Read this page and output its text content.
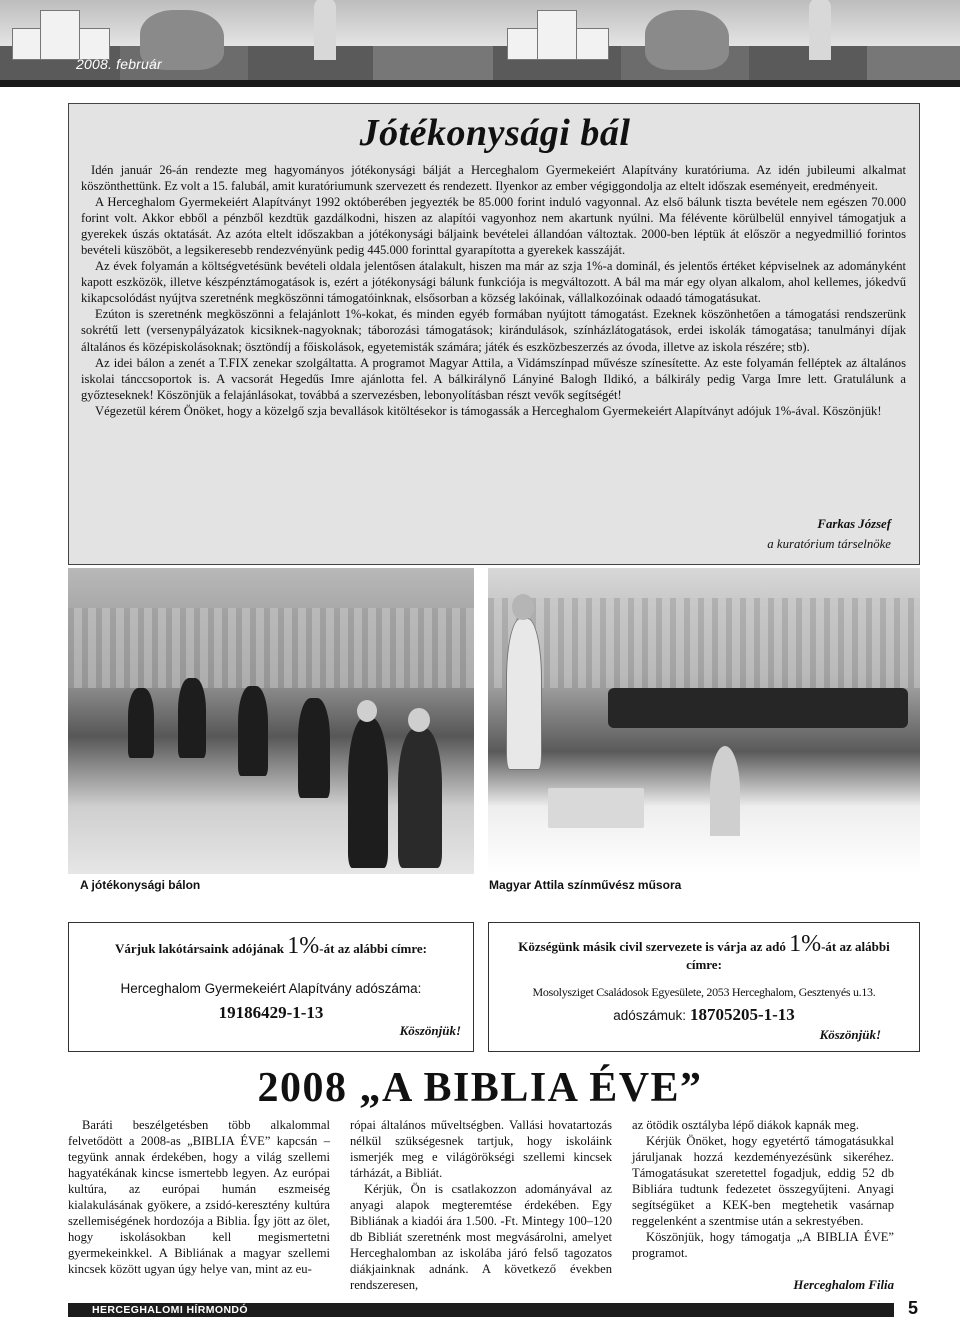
2008. február
Jótékonysági bál

Idén január 26-án rendezte meg hagyományos jótékonysági bálját a Herceghalom Gyermekeiért Alapítvány kuratóriuma. Az idén jubileumi alkalmat köszönthettünk. Ez volt a 15. falubál, amit kuratóriumunk szervezett és rendezett. Ilyenkor az ember végiggondolja az eltelt időszak eseményeit, eredményeit.

A Herceghalom Gyermekeiért Alapítványt 1992 októberében jegyezték be 85.000 forint induló vagyonnal. Az első bálunk tiszta bevétele nem egészen 70.000 forint volt. Akkor ebből a pénzből kezdtük gazdálkodni, hiszen az alapítói vagyonhoz nem akartunk nyúlni. Ma félévente körülbelül ennyivel támogatjuk a gyerekek úszás oktatását. Az azóta eltelt időszakban a jótékonysági báljaink bevételei állandóan változtak. 2000-ben léptük át először a negyedmillió forintos bevételi küszöböt, a legsikeresebb rendezvényünk pedig 445.000 forinttal gyarapította a gyerekek kasszáját.

Az évek folyamán a költségvetésünk bevételi oldala jelentősen átalakult, hiszen ma már az szja 1%-a dominál, és jelentős értéket képviselnek az adományként kapott eszközök, illetve készpénztámogatások is, ezért a jótékonysági bálunk funkciója is megváltozott. A bál ma már egy olyan alkalom, ahol kellemes, jókedvű kikapcsolódást nyújtva szeretnénk megköszönni támogatóinknak, elsősorban a község lakóinak, vállalkozóinak odaadó támogatásukat.

Ezúton is szeretnénk megköszönni a felajánlott 1%-kokat, és minden egyéb formában nyújtott támogatást. Ezeknek köszönhetően a támogatási rendszerünk sokrétű lett (versenypályázatok kicsiknek-nagyoknak; táborozási támogatások; kirándulások, színházlátogatások, erdei iskolák támogatása; tanulmányi díjak általános és középiskolásoknak; ösztöndíj a főiskolások, egyetemisták számára; játék és eszközbeszerzés az óvoda, illetve az iskola részére; stb).

Az idei bálon a zenét a T.FIX zenekar szolgáltatta. A programot Magyar Attila, a Vidámszínpad művésze színesítette. Az este folyamán felléptek az általános iskolai tánccsoportok is. A vacsorát Hegedűs Imre ajánlotta fel. A bálkirálynő Lányiné Balogh Ildikó, a bálkirály pedig Varga Imre lett. Gratulálunk a győzteseknek! Köszönjük a felajánlásokat, továbbá a szervezésben, lebonyolításban részt vevők segítségét!

Végezetül kérem Önöket, hogy a közelgő szja bevallások kitöltésekor is támogassák a Herceghalom Gyermekeiért Alapítványt adójuk 1%-ával. Köszönjük!

Farkas József
a kuratórium társelnöke
A jótékonysági bálon	Magyar Attila színművész műsora
Várjuk lakótársaink adójának 1%-át az alábbi címre:
Herceghalom Gyermekeiért Alapítvány adószáma:
19186429-1-13
Köszönjük!
Községünk másik civil szervezete is várja az adó 1%-át az alábbi címre:
Mosolysziget Családosok Egyesülete, 2053 Herceghalom, Gesztenyés u.13.
adószámuk: 18705205-1-13
Köszönjük!
2008 „A BIBLIA ÉVE”

Baráti beszélgetésben több alkalommal felvetődött a 2008-as „BIBLIA ÉVE” kapcsán – tegyünk annak érdekében, hogy a világ szellemi hagyatékának kincse ismertebb legyen. Az európai kultúra, az európai humán eszmeiség kialakulásának gyökere, a zsidó-keresztény kultúra szellemiségének hordozója a Biblia. Így jött az ölet, hogy iskolásokban kell megismertetni gyermekeinkkel. A Bibliának a magyar szellemi kincsek között ugyan úgy helye van, mint az eu-

rópai általános műveltségben. Vallási hovatartozás nélkül szükségesnek tartjuk, hogy iskoláink ismerjék meg e világörökségi szellemi kincsek tárházát, a Bibliát.

Kérjük, Ön is csatlakozzon adományával az anyagi alapok megteremtése érdekében. Egy Bibliának a kiadói ára 1.500. -Ft. Mintegy 100–120 db Bibliát szeretnénk most megvásárolni, amelyet Herceghalomban az iskolába járó felső tagozatos diákjainknak adnánk. A következő években rendszeresen,

az ötödik osztályba lépő diákok kapnák meg.

Kérjük Önöket, hogy egyetértő támogatásukkal járuljanak hozzá kezdeményezésünk sikeréhez. Támogatásukat szeretettel fogadjuk, eddig 52 db Bibliára tudtunk fedezetet összegyűjteni. Anyagi segítségüket a KEK-ben megtehetik vasárnap reggelenként a szentmise után a sekrestyében.

Köszönjük, hogy támogatja „A BIBLIA ÉVE” programot.

Herceghalom Filia
HERCEGHALOMI HÍRMONDÓ	5
